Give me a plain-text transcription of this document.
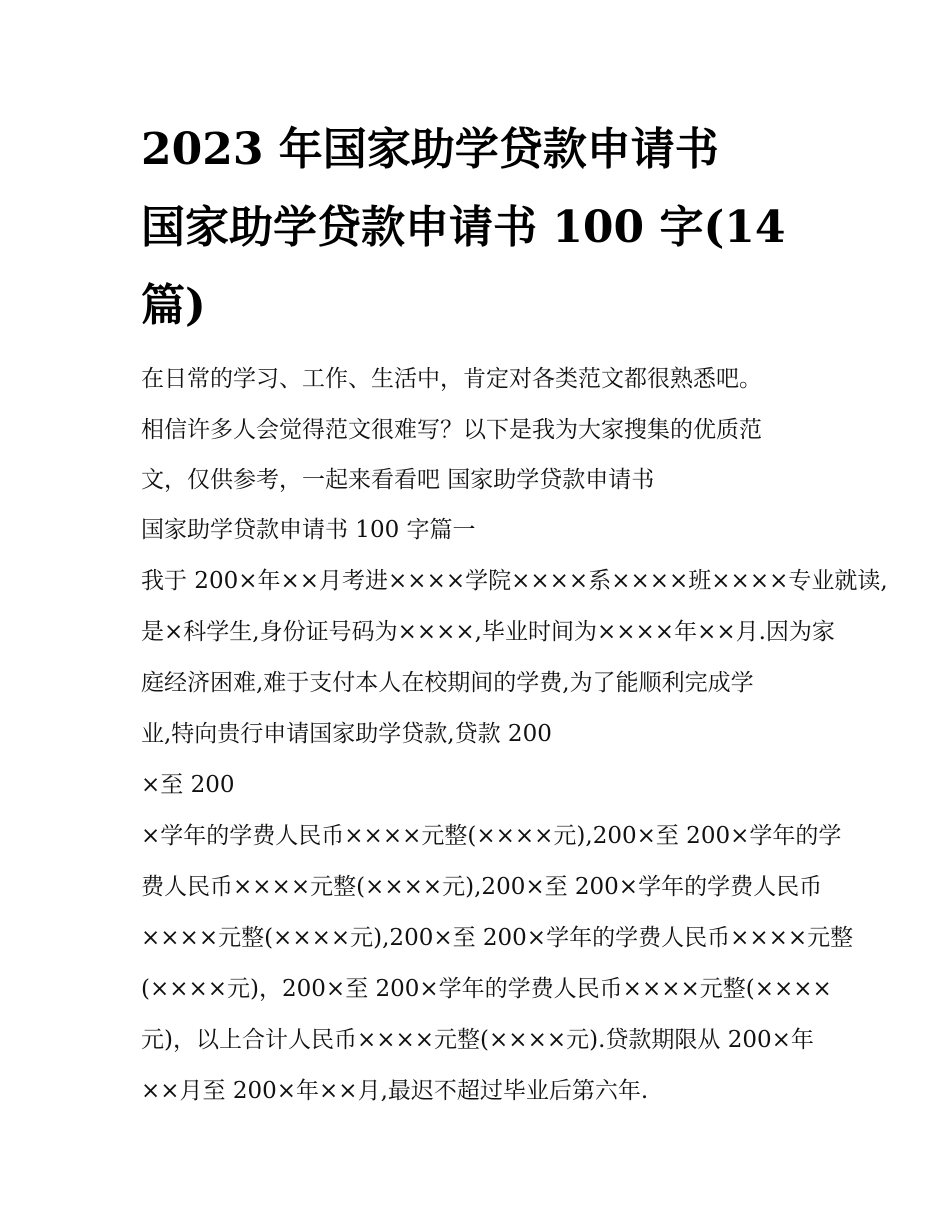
2023 年国家助学贷款申请书
国家助学贷款申请书 100 字(14
篇)

在日常的学习、工作、生活中，肯定对各类范文都很熟悉吧。

相信许多人会觉得范文很难写？以下是我为大家搜集的优质范

文，仅供参考，一起来看看吧 国家助学贷款申请书

国家助学贷款申请书 100 字篇一

我于 200×年××月考进××××学院××××系××××班××××专业就读,

是×科学生,身份证号码为××××,毕业时间为××××年××月.因为家

庭经济困难,难于支付本人在校期间的学费,为了能顺利完成学

业,特向贵行申请国家助学贷款,贷款 200

×至 200

×学年的学费人民币××××元整(××××元),200×至 200×学年的学

费人民币××××元整(××××元),200×至 200×学年的学费人民币

××××元整(××××元),200×至 200×学年的学费人民币××××元整

(××××元)，200×至 200×学年的学费人民币××××元整(××××

元)，以上合计人民币××××元整(××××元).贷款期限从 200×年

××月至 200×年××月,最迟不超过毕业后第六年.
